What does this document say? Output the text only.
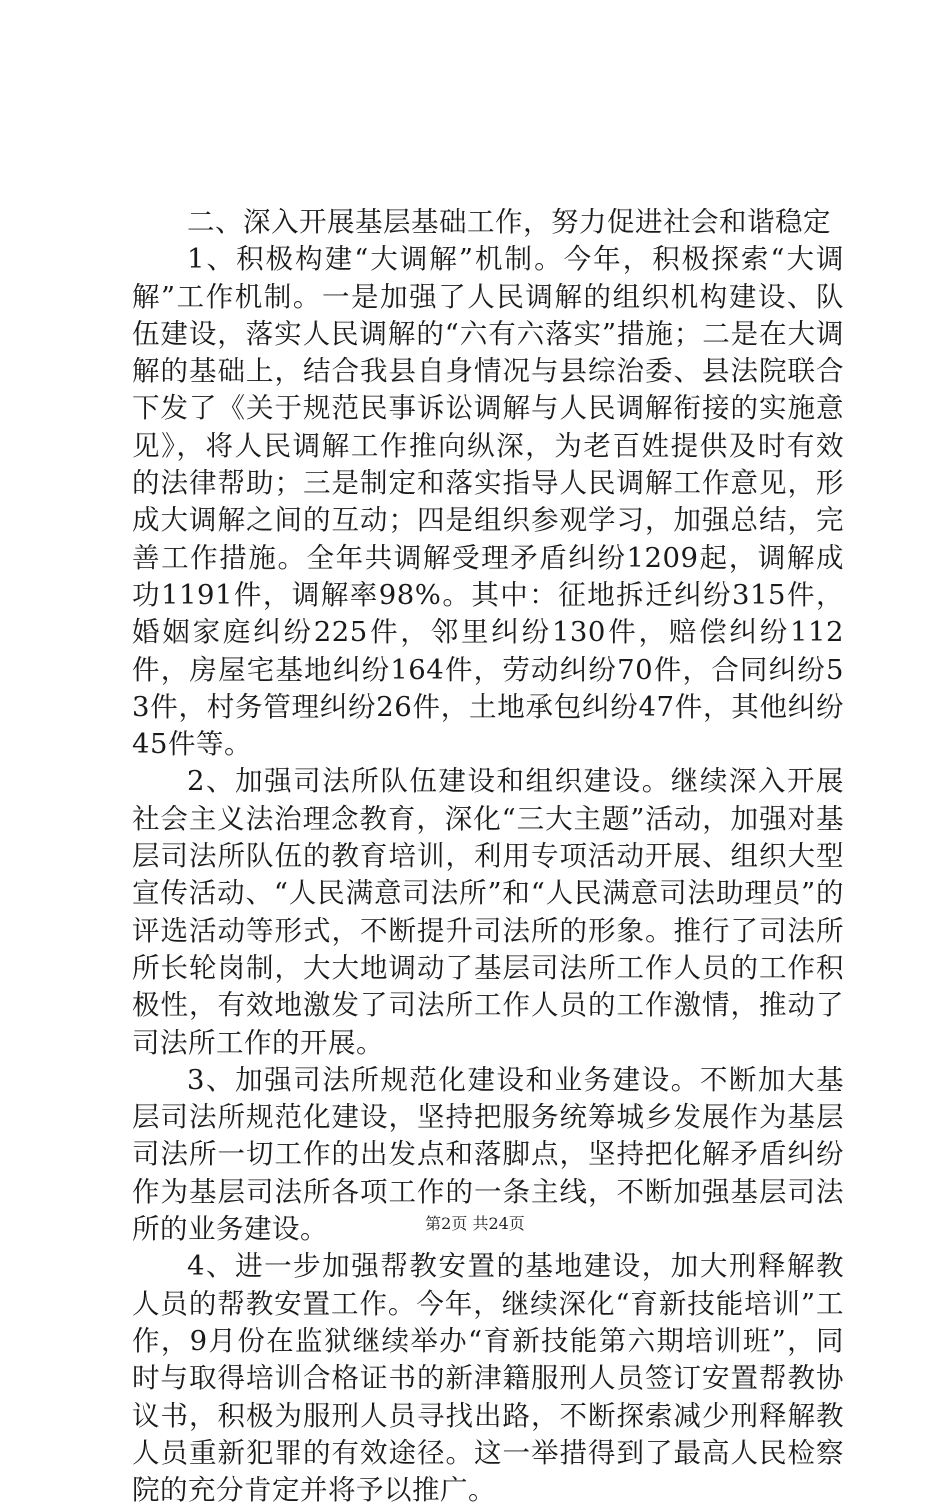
二、深入开展基层基础工作，努力促进社会和谐稳定

1、积极构建“大调解”机制。今年，积极探索“大调解”工作机制。一是加强了人民调解的组织机构建设、队伍建设，落实人民调解的“六有六落实”措施；二是在大调解的基础上，结合我县自身情况与县综治委、县法院联合下发了《关于规范民事诉讼调解与人民调解衔接的实施意见》，将人民调解工作推向纵深，为老百姓提供及时有效的法律帮助；三是制定和落实指导人民调解工作意见，形成大调解之间的互动；四是组织参观学习，加强总结，完善工作措施。全年共调解受理矛盾纠纷1209起，调解成功1191件，调解率98%。其中：征地拆迁纠纷315件，婚姻家庭纠纷225件，邻里纠纷130件，赔偿纠纷112件，房屋宅基地纠纷164件，劳动纠纷70件，合同纠纷53件，村务管理纠纷26件，土地承包纠纷47件，其他纠纷45件等。

2、加强司法所队伍建设和组织建设。继续深入开展社会主义法治理念教育，深化“三大主题”活动，加强对基层司法所队伍的教育培训，利用专项活动开展、组织大型宣传活动、“人民满意司法所”和“人民满意司法助理员”的评选活动等形式，不断提升司法所的形象。推行了司法所所长轮岗制，大大地调动了基层司法所工作人员的工作积极性，有效地激发了司法所工作人员的工作激情，推动了司法所工作的开展。

3、加强司法所规范化建设和业务建设。不断加大基层司法所规范化建设，坚持把服务统筹城乡发展作为基层司法所一切工作的出发点和落脚点，坚持把化解矛盾纠纷作为基层司法所各项工作的一条主线，不断加强基层司法所的业务建设。

4、进一步加强帮教安置的基地建设，加大刑释解教人员的帮教安置工作。今年，继续深化“育新技能培训”工作，9月份在监狱继续举办“育新技能第六期培训班”，同时与取得培训合格证书的新津籍服刑人员签订安置帮教协议书，积极为服刑人员寻找出路，不断探索减少刑释解教人员重新犯罪的有效途径。这一举措得到了最高人民检察院的充分肯定并将予以推广。

第2页 共24页
